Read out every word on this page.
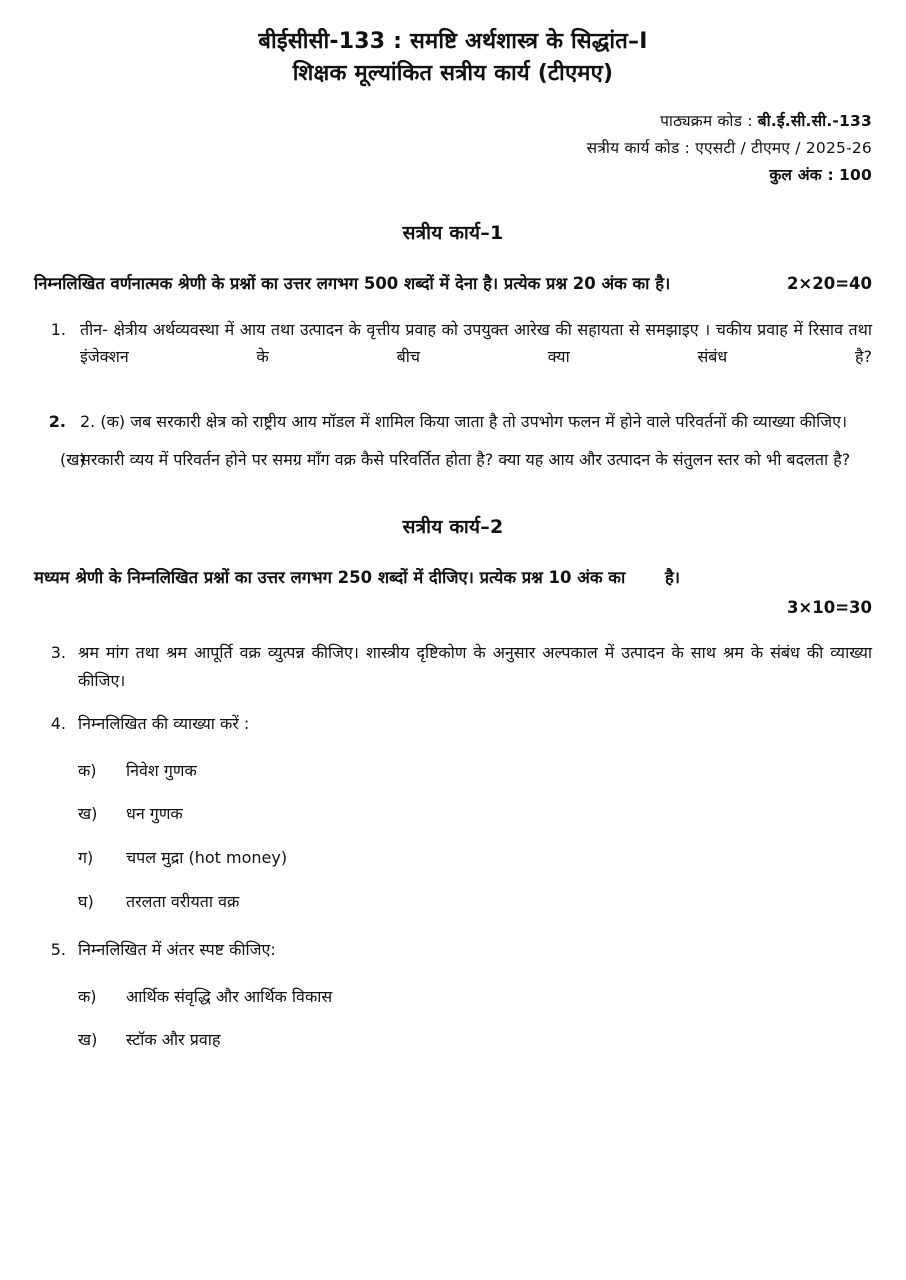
बीईसीसी-133 : समष्टि अर्थशास्त्र के सिद्धांत–I
शिक्षक मूल्यांकित सत्रीय कार्य (टीएमए)
पाठ्यक्रम कोड : बी.ई.सी.सी.-133
सत्रीय कार्य कोड : एएसटी / टीएमए / 2025-26
कुल अंक : 100
सत्रीय कार्य–1
निम्नलिखित वर्णनात्मक श्रेणी के प्रश्नों का उत्तर लगभग 500 शब्दों में देना है। प्रत्येक प्रश्न 20 अंक का है।	2×20=40
1. तीन- क्षेत्रीय अर्थव्यवस्था में आय तथा उत्पादन के वृत्तीय प्रवाह को उपयुक्त आरेख की सहायता से समझाइए । चकीय प्रवाह में रिसाव तथा इंजेक्शन के बीच क्या संबंध है?
2. 2. (क) जब सरकारी क्षेत्र को राष्ट्रीय आय मॉडल में शामिल किया जाता है तो उपभोग फलन में होने वाले परिवर्तनों की व्याख्या कीजिए।
(ख)
सरकारी व्यय में परिवर्तन होने पर समग्र माँग वक्र कैसे परिवर्तित होता है? क्या यह आय और उत्पादन के संतुलन स्तर को भी बदलता है?
सत्रीय कार्य–2
मध्यम श्रेणी के निम्नलिखित प्रश्नों का उत्तर लगभग 250 शब्दों में दीजिए। प्रत्येक प्रश्न 10 अंक का है।
3×10=30
3. श्रम मांग तथा श्रम आपूर्ति वक्र व्युत्पन्न कीजिए। शास्त्रीय दृष्टिकोण के अनुसार अल्पकाल में उत्पादन के साथ श्रम के संबंध की व्याख्या कीजिए।
4. निम्नलिखित की व्याख्या करें :
क)	निवेश गुणक
ख)	धन गुणक
ग)	चपल मुद्रा (hot money)
घ)	तरलता वरीयता वक्र
5. निम्नलिखित में अंतर स्पष्ट कीजिए:
क)	आर्थिक संवृद्धि और आर्थिक विकास
ख)	स्टॉक और प्रवाह
